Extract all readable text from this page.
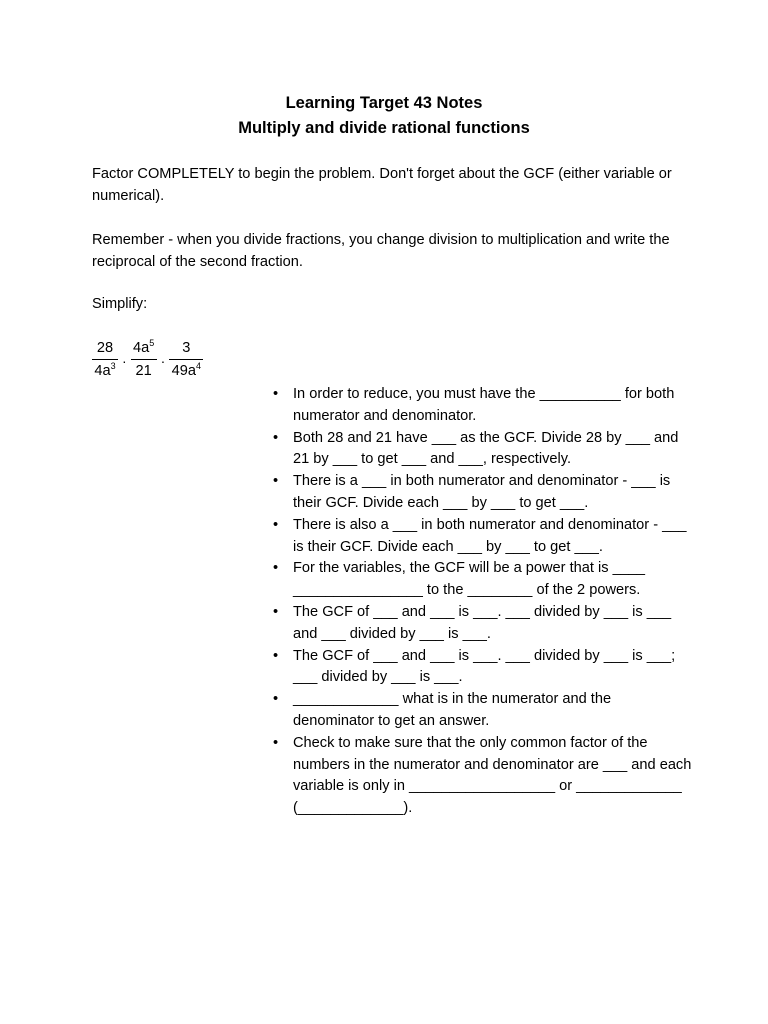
Learning Target 43 Notes
Multiply and divide rational functions
Factor COMPLETELY to begin the problem. Don't forget about the GCF (either variable or numerical).
Remember - when you divide fractions, you change division to multiplication and write the reciprocal of the second fraction.
Simplify:
$\frac{28}{4a^3} \cdot \frac{4a^5}{21} \cdot \frac{3}{49a^4}$
• In order to reduce, you must have the __________ for both numerator and denominator.
• Both 28 and 21 have ___ as the GCF. Divide 28 by ___ and 21 by ___ to get ___ and ___, respectively.
• There is a ___ in both numerator and denominator - ___ is their GCF. Divide each ___ by ___ to get ___.
• There is also a ___ in both numerator and denominator - ___ is their GCF. Divide each ___ by ___ to get ___.
• For the variables, the GCF will be a power that is ____ ________________ to the ________ of the 2 powers.
• The GCF of ___ and ___ is ___. ___ divided by ___ is ___ and ___ divided by ___ is ___.
• The GCF of ___ and ___ is ___. ___ divided by ___ is ___; ___ divided by ___ is ___.
• _____________ what is in the numerator and the denominator to get an answer.
• Check to make sure that the only common factor of the numbers in the numerator and denominator are ___ and each variable is only in __________________ or _____________ (_____________).
